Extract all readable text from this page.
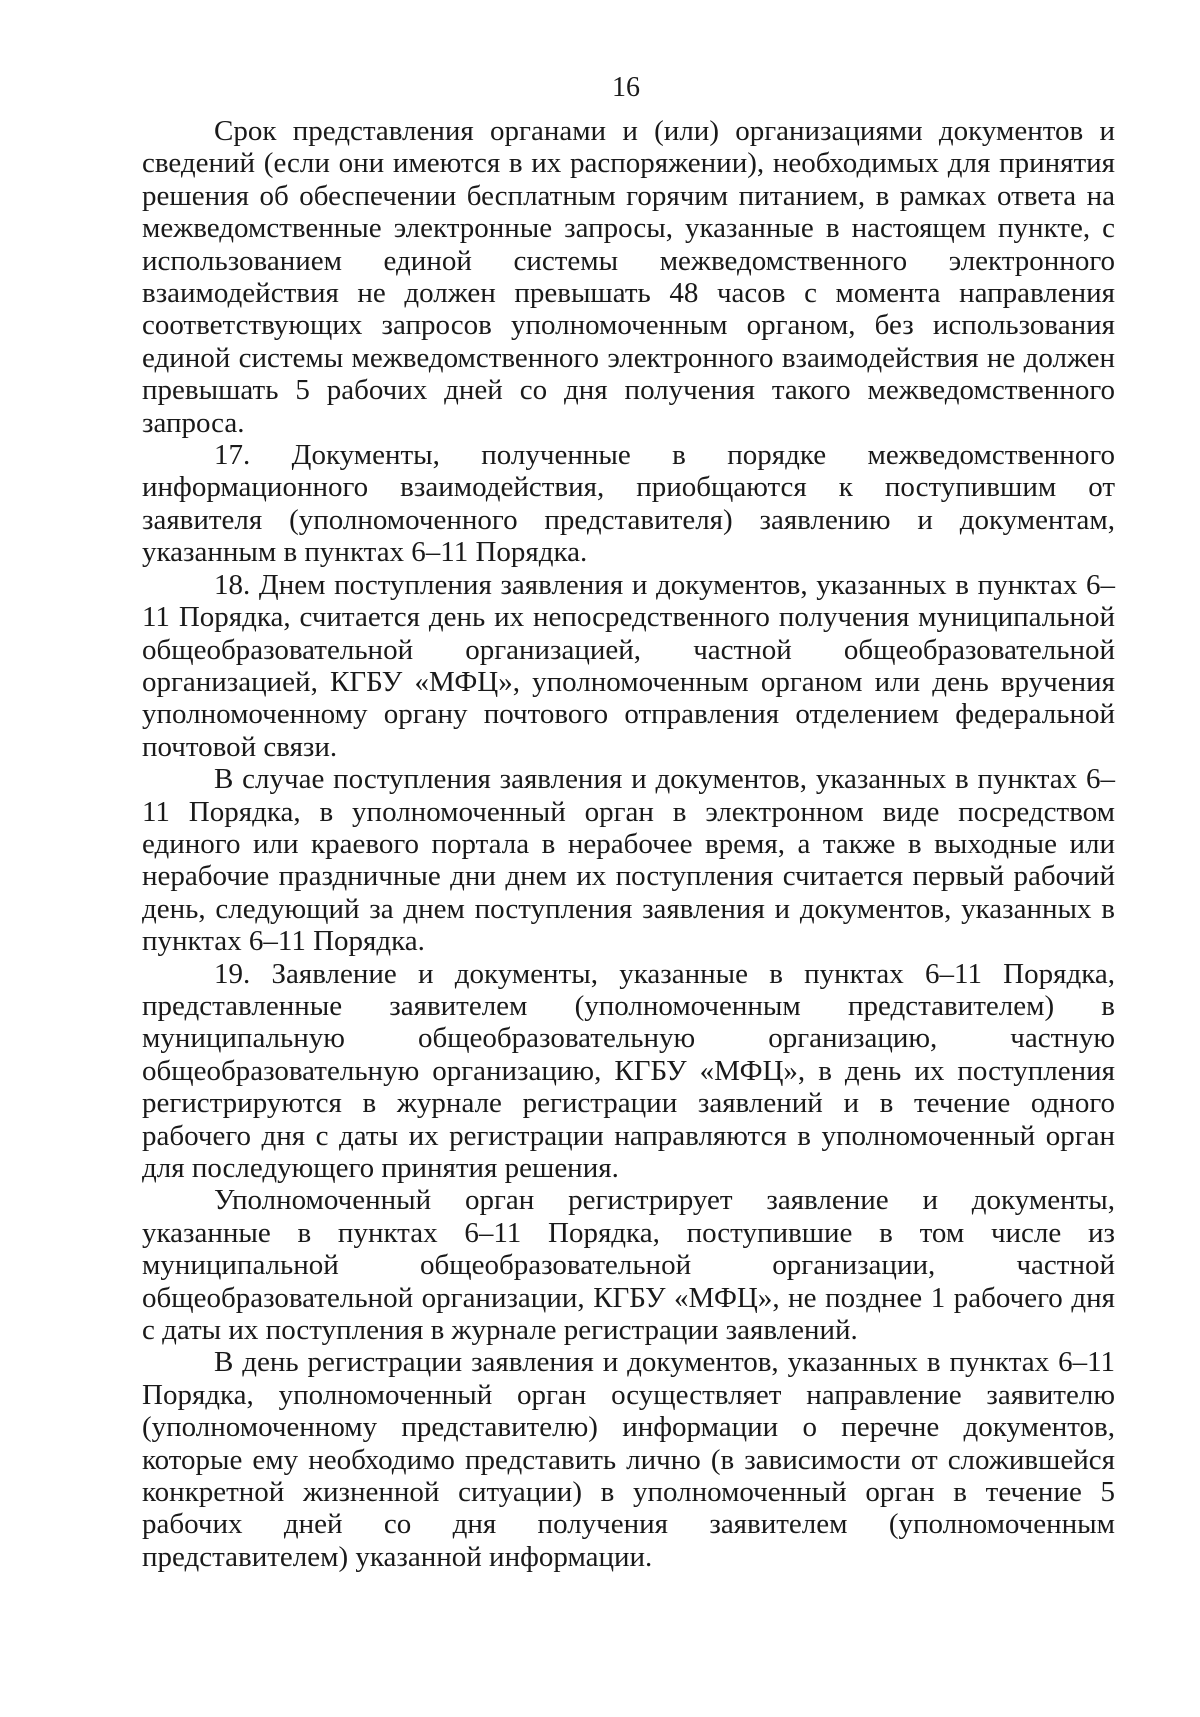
16

Срок представления органами и (или) организациями документов и сведений (если они имеются в их распоряжении), необходимых для принятия решения об обеспечении бесплатным горячим питанием, в рамках ответа на межведомственные электронные запросы, указанные в настоящем пункте, с использованием единой системы межведомственного электронного взаимодействия не должен превышать 48 часов с момента направления соответствующих запросов уполномоченным органом, без использования единой системы межведомственного электронного взаимодействия не должен превышать 5 рабочих дней со дня получения такого межведомственного запроса.

17. Документы, полученные в порядке межведомственного информационного взаимодействия, приобщаются к поступившим от заявителя (уполномоченного представителя) заявлению и документам, указанным в пунктах 6–11 Порядка.

18. Днем поступления заявления и документов, указанных в пунктах 6–11 Порядка, считается день их непосредственного получения муниципальной общеобразовательной организацией, частной общеобразовательной организацией, КГБУ «МФЦ», уполномоченным органом или день вручения уполномоченному органу почтового отправления отделением федеральной почтовой связи.

В случае поступления заявления и документов, указанных в пунктах 6–11 Порядка, в уполномоченный орган в электронном виде посредством единого или краевого портала в нерабочее время, а также в выходные или нерабочие праздничные дни днем их поступления считается первый рабочий день, следующий за днем поступления заявления и документов, указанных в пунктах 6–11 Порядка.

19. Заявление и документы, указанные в пунктах 6–11 Порядка, представленные заявителем (уполномоченным представителем) в муниципальную общеобразовательную организацию, частную общеобразовательную организацию, КГБУ «МФЦ», в день их поступления регистрируются в журнале регистрации заявлений и в течение одного рабочего дня с даты их регистрации направляются в уполномоченный орган для последующего принятия решения.

Уполномоченный орган регистрирует заявление и документы, указанные в пунктах 6–11 Порядка, поступившие в том числе из муниципальной общеобразовательной организации, частной общеобразовательной организации, КГБУ «МФЦ», не позднее 1 рабочего дня с даты их поступления в журнале регистрации заявлений.

В день регистрации заявления и документов, указанных в пунктах 6–11 Порядка, уполномоченный орган осуществляет направление заявителю (уполномоченному представителю) информации о перечне документов, которые ему необходимо представить лично (в зависимости от сложившейся конкретной жизненной ситуации) в уполномоченный орган в течение 5 рабочих дней со дня получения заявителем (уполномоченным представителем) указанной информации.
